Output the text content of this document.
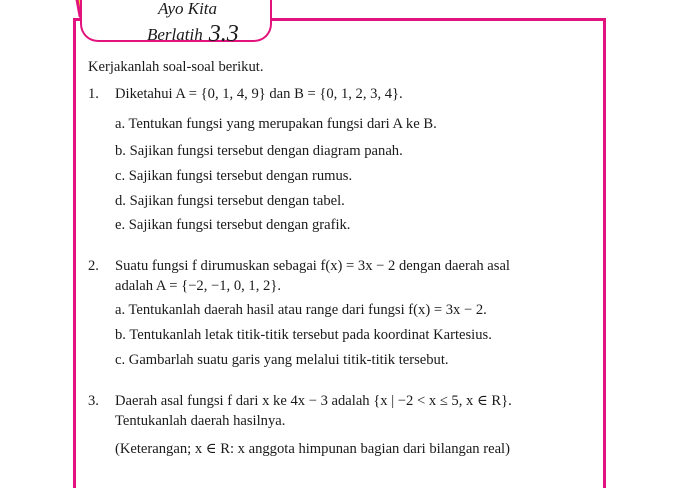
Ayo Kita
Berlatih 3.3
Kerjakanlah soal-soal berikut.
1. Diketahui A = {0, 1, 4, 9} dan B = {0, 1, 2, 3, 4}.
a. Tentukan fungsi yang merupakan fungsi dari A ke B.
b. Sajikan fungsi tersebut dengan diagram panah.
c. Sajikan fungsi tersebut dengan rumus.
d. Sajikan fungsi tersebut dengan tabel.
e. Sajikan fungsi tersebut dengan grafik.
2. Suatu fungsi f dirumuskan sebagai f(x) = 3x − 2 dengan daerah asal
adalah A = {−2, −1, 0, 1, 2}.
a. Tentukanlah daerah hasil atau range dari fungsi f(x) = 3x − 2.
b. Tentukanlah letak titik-titik tersebut pada koordinat Kartesius.
c. Gambarlah suatu garis yang melalui titik-titik tersebut.
3. Daerah asal fungsi f dari x ke 4x − 3 adalah {x | −2 < x ≤ 5, x ∈ R}.
Tentukanlah daerah hasilnya.
(Keterangan; x ∈ R: x anggota himpunan bagian dari bilangan real)
